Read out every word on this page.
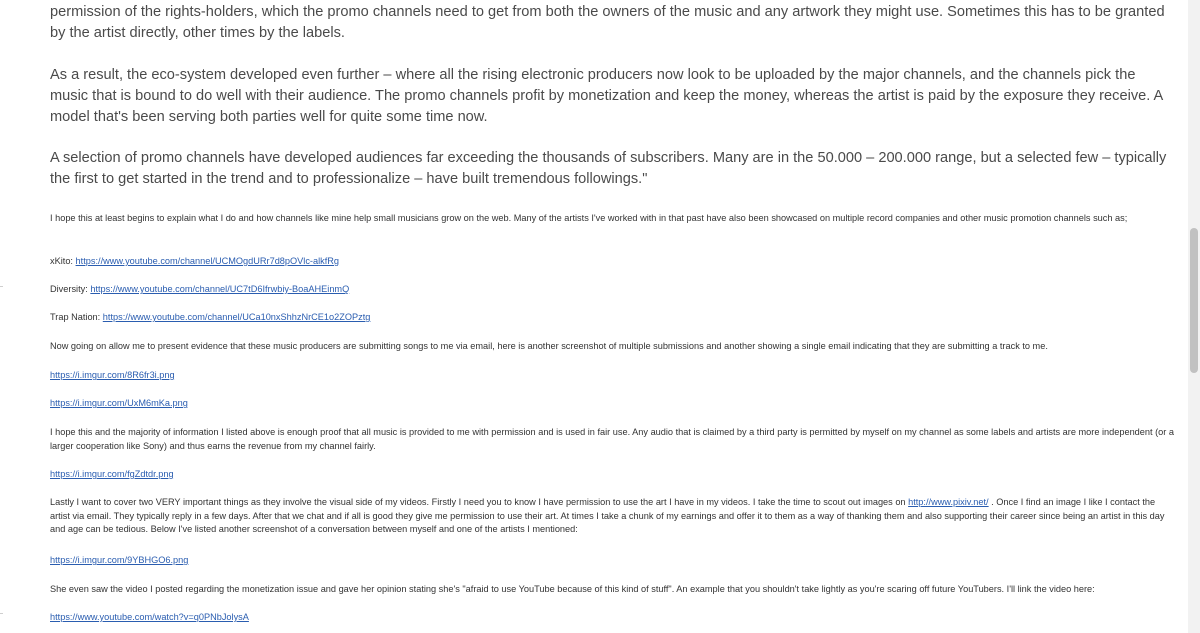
permission of the rights-holders, which the promo channels need to get from both the owners of the music and any artwork they might use. Sometimes this has to be granted by the artist directly, other times by the labels.

As a result, the eco-system developed even further – where all the rising electronic producers now look to be uploaded by the major channels, and the channels pick the music that is bound to do well with their audience. The promo channels profit by monetization and keep the money, whereas the artist is paid by the exposure they receive. A model that's been serving both parties well for quite some time now.

A selection of promo channels have developed audiences far exceeding the thousands of subscribers. Many are in the 50.000 – 200.000 range, but a selected few – typically the first to get started in the trend and to professionalize – have built tremendous followings."

I hope this at least begins to explain what I do and how channels like mine help small musicians grow on the web. Many of the artists I've worked with in that past have also been showcased on multiple record companies and other music promotion channels such as;

xKito: https://www.youtube.com/channel/UCMOgdURr7d8pOVlc-alkfRg

Diversity: https://www.youtube.com/channel/UC7tD6Ifrwbiy-BoaAHEinmQ

Trap Nation: https://www.youtube.com/channel/UCa10nxShhzNrCE1o2ZOPztg

Now going on allow me to present evidence that these music producers are submitting songs to me via email, here is another screenshot of multiple submissions and another showing a single email indicating that they are submitting a track to me.

https://i.imgur.com/8R6fr3i.png

https://i.imgur.com/UxM6mKa.png

I hope this and the majority of information I listed above is enough proof that all music is provided to me with permission and is used in fair use. Any audio that is claimed by a third party is permitted by myself on my channel as some labels and artists are more independent (or a larger cooperation like Sony) and thus earns the revenue from my channel fairly.

https://i.imgur.com/fgZdtdr.png

Lastly I want to cover two VERY important things as they involve the visual side of my videos. Firstly I need you to know I have permission to use the art I have in my videos. I take the time to scout out images on http://www.pixiv.net/ . Once I find an image I like I contact the artist via email. They typically reply in a few days. After that we chat and if all is good they give me permission to use their art. At times I take a chunk of my earnings and offer it to them as a way of thanking them and also supporting their career since being an artist in this day and age can be tedious. Below I've listed another screenshot of a conversation between myself and one of the artists I mentioned:

https://i.imgur.com/9YBHGO6.png

She even saw the video I posted regarding the monetization issue and gave her opinion stating she's "afraid to use YouTube because of this kind of stuff". An example that you shouldn't take lightly as you're scaring off future YouTubers. I'll link the video here:

https://www.youtube.com/watch?v=q0PNbJolysA
